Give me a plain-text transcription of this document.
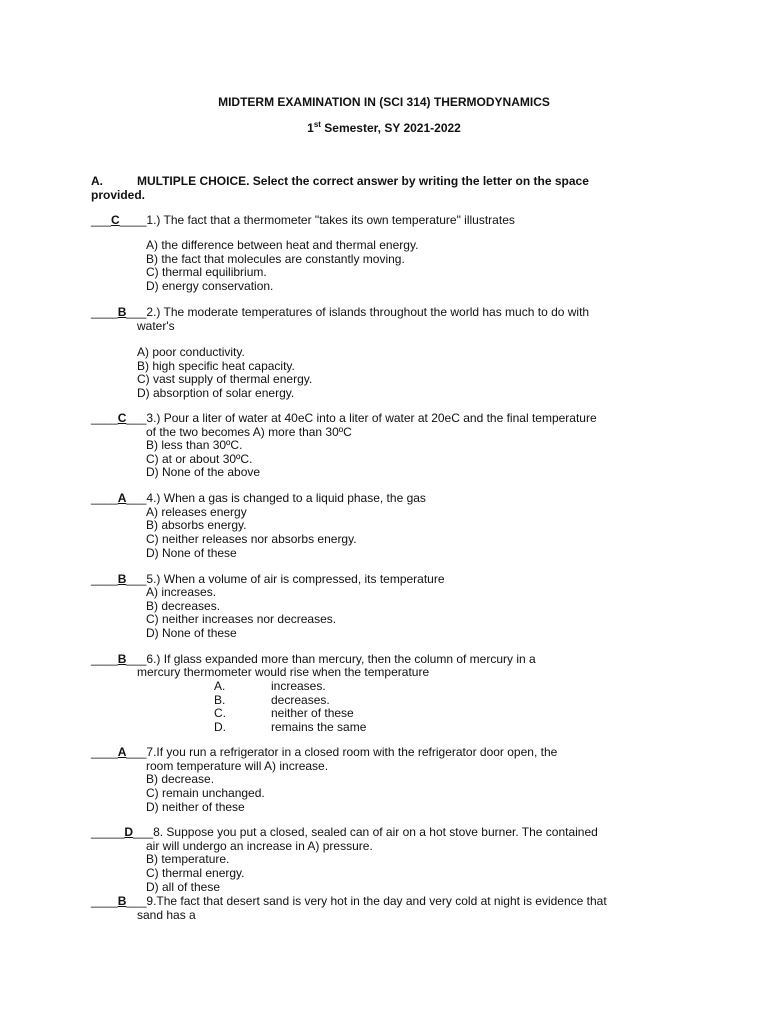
MIDTERM EXAMINATION IN (SCI 314) THERMODYNAMICS
1st Semester, SY 2021-2022
A.	MULTIPLE CHOICE. Select the correct answer by writing the letter on the space
provided.
___C____1.) The fact that a thermometer "takes its own temperature" illustrates
A) the difference between heat and thermal energy.
B) the fact that molecules are constantly moving.
C) thermal equilibrium.
D) energy conservation.
____B___2.) The moderate temperatures of islands throughout the world has much to do with
water's
A) poor conductivity.
B) high specific heat capacity.
C) vast supply of thermal energy.
D) absorption of solar energy.
____C___3.) Pour a liter of water at 40eC into a liter of water at 20eC and the final temperature
of the two becomes A) more than 30ºC
B) less than 30ºC.
C) at or about 30ºC.
D) None of the above
____A___4.) When a gas is changed to a liquid phase, the gas
A) releases energy
B) absorbs energy.
C) neither releases nor absorbs energy.
D) None of these
____B___5.) When a volume of air is compressed, its temperature
A) increases.
B) decreases.
C) neither increases nor decreases.
D) None of these
____B___6.) If glass expanded more than mercury, then the column of mercury in a
mercury thermometer would rise when the temperature
A.	increases.
B.	decreases.
C.	neither of these
D.	remains the same
____A___7.If you run a refrigerator in a closed room with the refrigerator door open, the
room temperature will A) increase.
B) decrease.
C) remain unchanged.
D) neither of these
_____D___8. Suppose you put a closed, sealed can of air on a hot stove burner. The contained
air will undergo an increase in A) pressure.
B) temperature.
C) thermal energy.
D) all of these
____B___9.The fact that desert sand is very hot in the day and very cold at night is evidence that
sand has a
